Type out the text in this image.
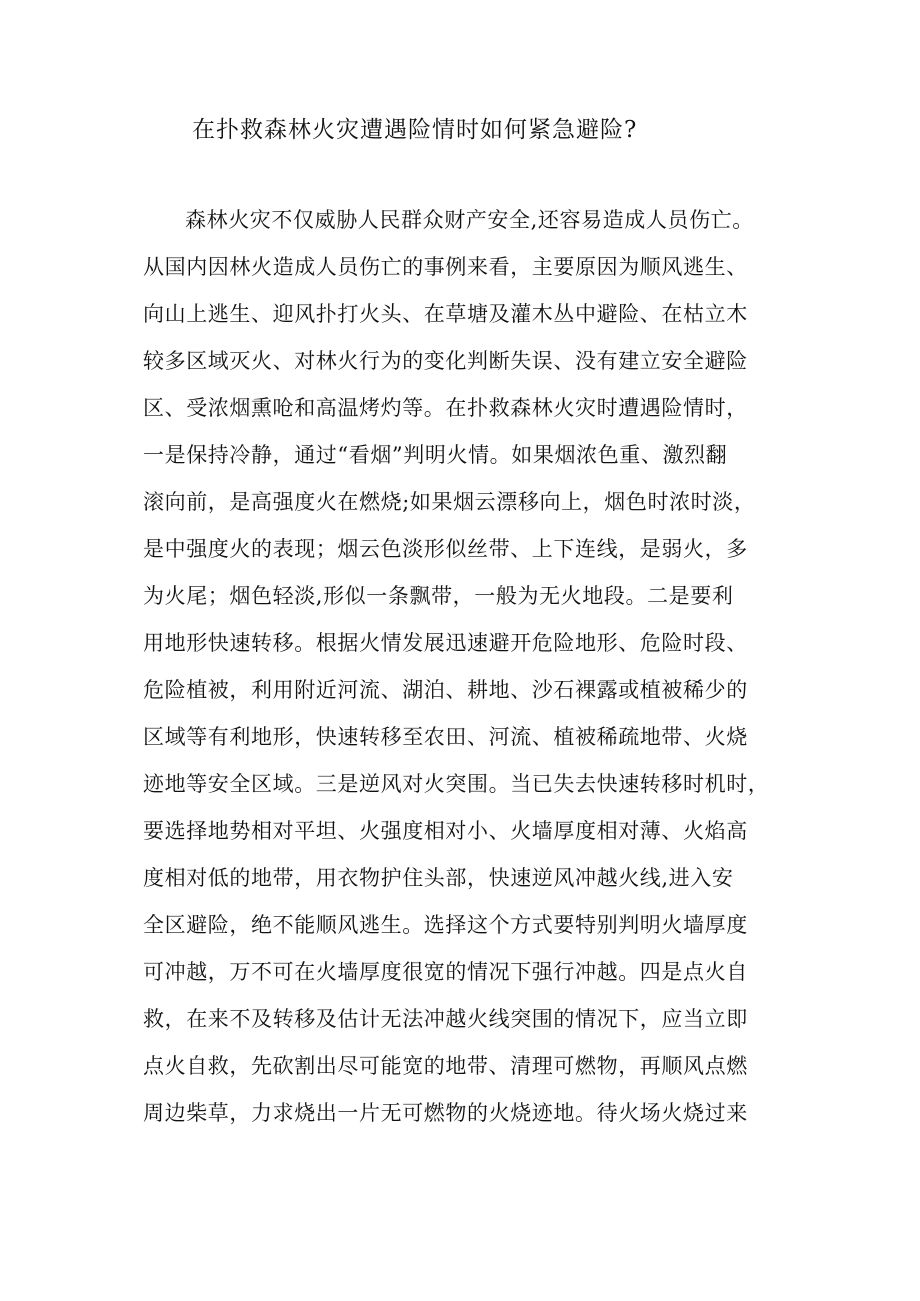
在扑救森林火灾遭遇险情时如何紧急避险?
森林火灾不仅威胁人民群众财产安全,还容易造成人员伤亡。
从国内因林火造成人员伤亡的事例来看，主要原因为顺风逃生、
向山上逃生、迎风扑打火头、在草塘及灌木丛中避险、在枯立木
较多区域灭火、对林火行为的变化判断失误、没有建立安全避险
区、受浓烟熏呛和高温烤灼等。在扑救森林火灾时遭遇险情时，
一是保持冷静，通过“看烟”判明火情。如果烟浓色重、激烈翻
滚向前，是高强度火在燃烧;如果烟云漂移向上，烟色时浓时淡，
是中强度火的表现；烟云色淡形似丝带、上下连线，是弱火，多
为火尾；烟色轻淡,形似一条飘带，一般为无火地段。二是要利
用地形快速转移。根据火情发展迅速避开危险地形、危险时段、
危险植被，利用附近河流、湖泊、耕地、沙石裸露或植被稀少的
区域等有利地形，快速转移至农田、河流、植被稀疏地带、火烧
迹地等安全区域。三是逆风对火突围。当已失去快速转移时机时，
要选择地势相对平坦、火强度相对小、火墙厚度相对薄、火焰高
度相对低的地带，用衣物护住头部，快速逆风冲越火线,进入安
全区避险，绝不能顺风逃生。选择这个方式要特别判明火墙厚度
可冲越，万不可在火墙厚度很宽的情况下强行冲越。四是点火自
救，在来不及转移及估计无法冲越火线突围的情况下，应当立即
点火自救，先砍割出尽可能宽的地带、清理可燃物，再顺风点燃
周边柴草，力求烧出一片无可燃物的火烧迹地。待火场火烧过来
